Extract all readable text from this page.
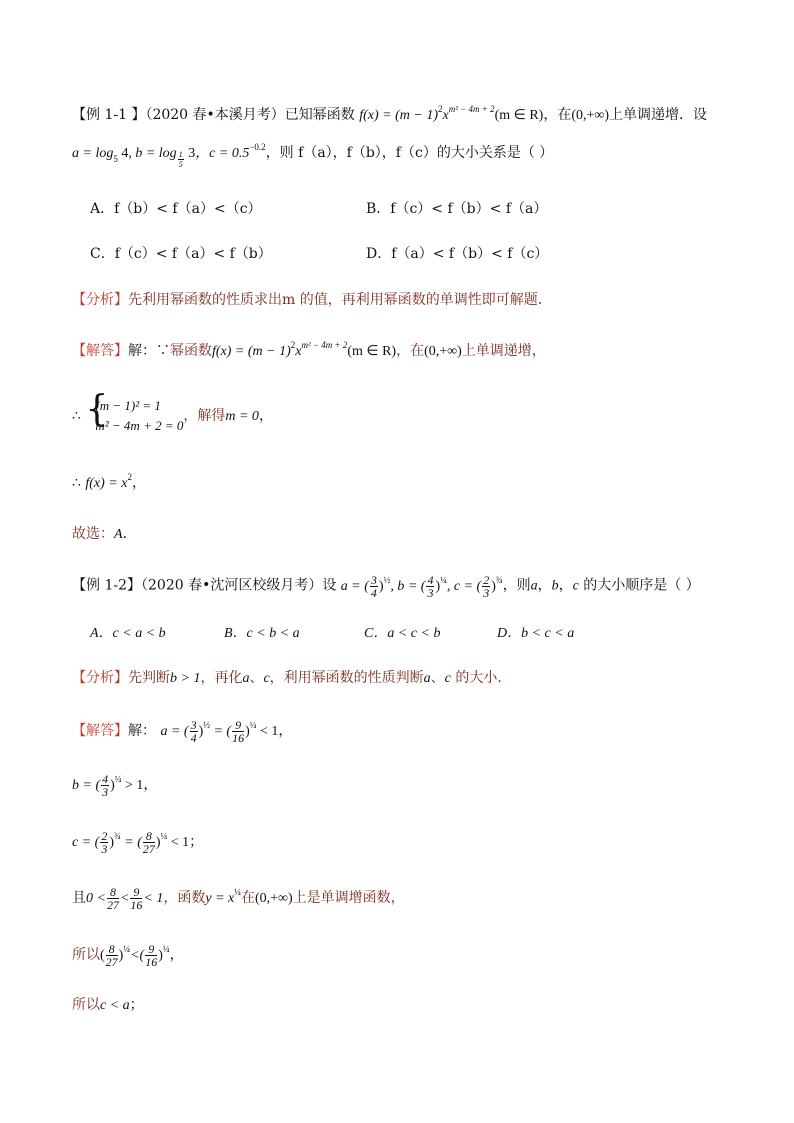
【例 1-1 】（2020 春•本溪月考）已知幂函数 $f(x) = (m - 1)^2x^{m^2 - 4m + 2}(m$ ∈ R)，在(0,+∞)上单调递增．设
$a = \log_5 4$, $b = \log \frac{1}{5} 3$，$c = 0.5^{-0.2}$，则 f（a），f（b），f（c）的大小关系是（ ）
A．f（b）< f（a）<（c）	B．f（c）< f（b）< f（a）
C．f（c）< f（a）< f（b）	D．f（a）< f（b）< f（c）
【分析】先利用幂函数的性质求出m 的值，再利用幂函数的单调性即可解题．
【解答】解：∵幂函数$f(x) = (m - 1)^2x^{m^2 - 4m + 2}(m$ ∈ R)，在(0,+∞)上单调递增，
∴ {
(m − 1)² = 1
m² − 4m + 2 = 0
，解得m = 0，
∴ $f(x) = x^2$，
故选：A．
【例 1-2】（2020 春•沈河区校级月考）设 a = ( $\frac{3}{4} )^{\frac{1}{2}}$, b = ( $\frac{4}{3} )^{\frac{1}{4}}$, c = ( $\frac{2}{3} )^{\frac{3}{4}}$，则a，b，c 的大小顺序是（ ）
A．c < a < b	B．c < b < a	C．a < c < b	D．b < c < a
【分析】先判断b > 1，再化a、c，利用幂函数的性质判断a、c 的大小．
【解答】解： a = ( $\frac{3}{4} )^{\frac{1}{2}}$ = ( $\frac{9}{16} )^{\frac{1}{4}} < 1$，
b = ( $\frac{4}{3} )^{\frac{1}{4}} > 1$，
c = ( $\frac{2}{3} )^{\frac{3}{4}}$ = ( $\frac{8}{27} )^{\frac{1}{4}} < 1$；
且$0 < \frac{8}{27} < \frac{9}{16} < 1$，函数$y = x^{\frac{1}{4}}$在(0,+∞)上是单调增函数，
所以( $\frac{8}{27} )^{\frac{1}{4}}<( \frac{9}{16} )^{\frac{1}{4}}$，
所以c < a；
